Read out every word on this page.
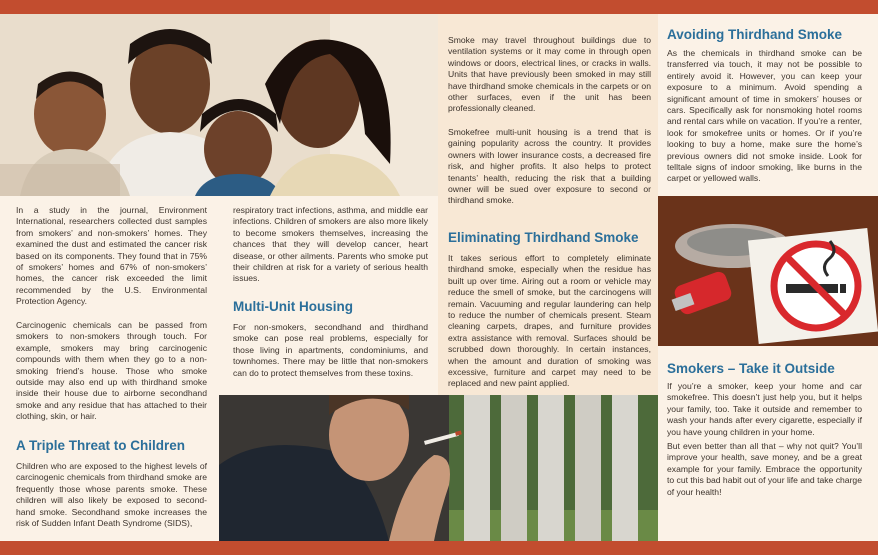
In a study in the journal, Environment International, researchers collected dust samples from smokers’ and non-smokers’ homes. They examined the dust and estimated the cancer risk based on its components. They found that in 75% of smokers’ homes and 67% of non-smokers’ homes, the cancer risk exceeded the limit recommended by the U.S. Environmental Protection Agency.

Carcinogenic chemicals can be passed from smokers to non-smokers through touch. For example, smokers may bring carcinogenic compounds with them when they go to a non-smoking friend’s house. Those who smoke outside may also end up with thirdhand smoke inside their house due to airborne secondhand smoke and any residue that has attached to their clothing, skin, or hair.

A Triple Threat to Children

Children who are exposed to the highest levels of carcinogenic chemicals from thirdhand smoke are frequently those whose parents smoke. These children will also likely be exposed to second-hand smoke. Secondhand smoke increases the risk of Sudden Infant Death Syndrome (SIDS),

respiratory tract infections, asthma, and middle ear infections. Children of smokers are also more likely to become smokers themselves, increasing the chances that they will develop cancer, heart disease, or other ailments. Parents who smoke put their children at risk for a variety of serious health issues.

Multi-Unit Housing

For non-smokers, secondhand and thirdhand smoke can pose real problems, especially for those living in apartments, condominiums, and townhomes. There may be little that non-smokers can do to protect themselves from these toxins.

Smoke may travel throughout buildings due to ventilation systems or it may come in through open windows or doors, electrical lines, or cracks in walls. Units that have previously been smoked in may still have thirdhand smoke chemicals in the carpets or on other surfaces, even if the unit has been professionally cleaned.

Smokefree multi-unit housing is a trend that is gaining popularity across the country. It provides owners with lower insurance costs, a decreased fire risk, and higher profits. It also helps to protect tenants’ health, reducing the risk that a building owner will be sued over exposure to second or thirdhand smoke.

Eliminating Thirdhand Smoke

It takes serious effort to completely eliminate thirdhand smoke, especially when the residue has built up over time. Airing out a room or vehicle may reduce the smell of smoke, but the carcinogens will remain. Vacuuming and regular laundering can help to reduce the number of chemicals present. Steam cleaning carpets, drapes, and furniture provides extra assistance with removal. Surfaces should be scrubbed down thoroughly. In certain instances, when the amount and duration of smoking was excessive, furniture and carpet may need to be replaced and new paint applied.

Avoiding Thirdhand Smoke

As the chemicals in thirdhand smoke can be transferred via touch, it may not be possible to entirely avoid it. However, you can keep your exposure to a minimum. Avoid spending a significant amount of time in smokers’ houses or cars. Specifically ask for nonsmoking hotel rooms and rental cars while on vacation. If you’re a renter, look for smokefree units or homes. Or if you’re looking to buy a home, make sure the home’s previous owners did not smoke inside. Look for telltale signs of indoor smoking, like burns in the carpet or yellowed walls.

Smokers – Take it Outside

If you’re a smoker, keep your home and car smokefree. This doesn’t just help you, but it helps your family, too. Take it outside and remember to wash your hands after every cigarette, especially if you have young children in your home.

But even better than all that – why not quit? You’ll improve your health, save money, and be a great example for your family. Embrace the opportunity to cut this bad habit out of your life and take charge of your health!
